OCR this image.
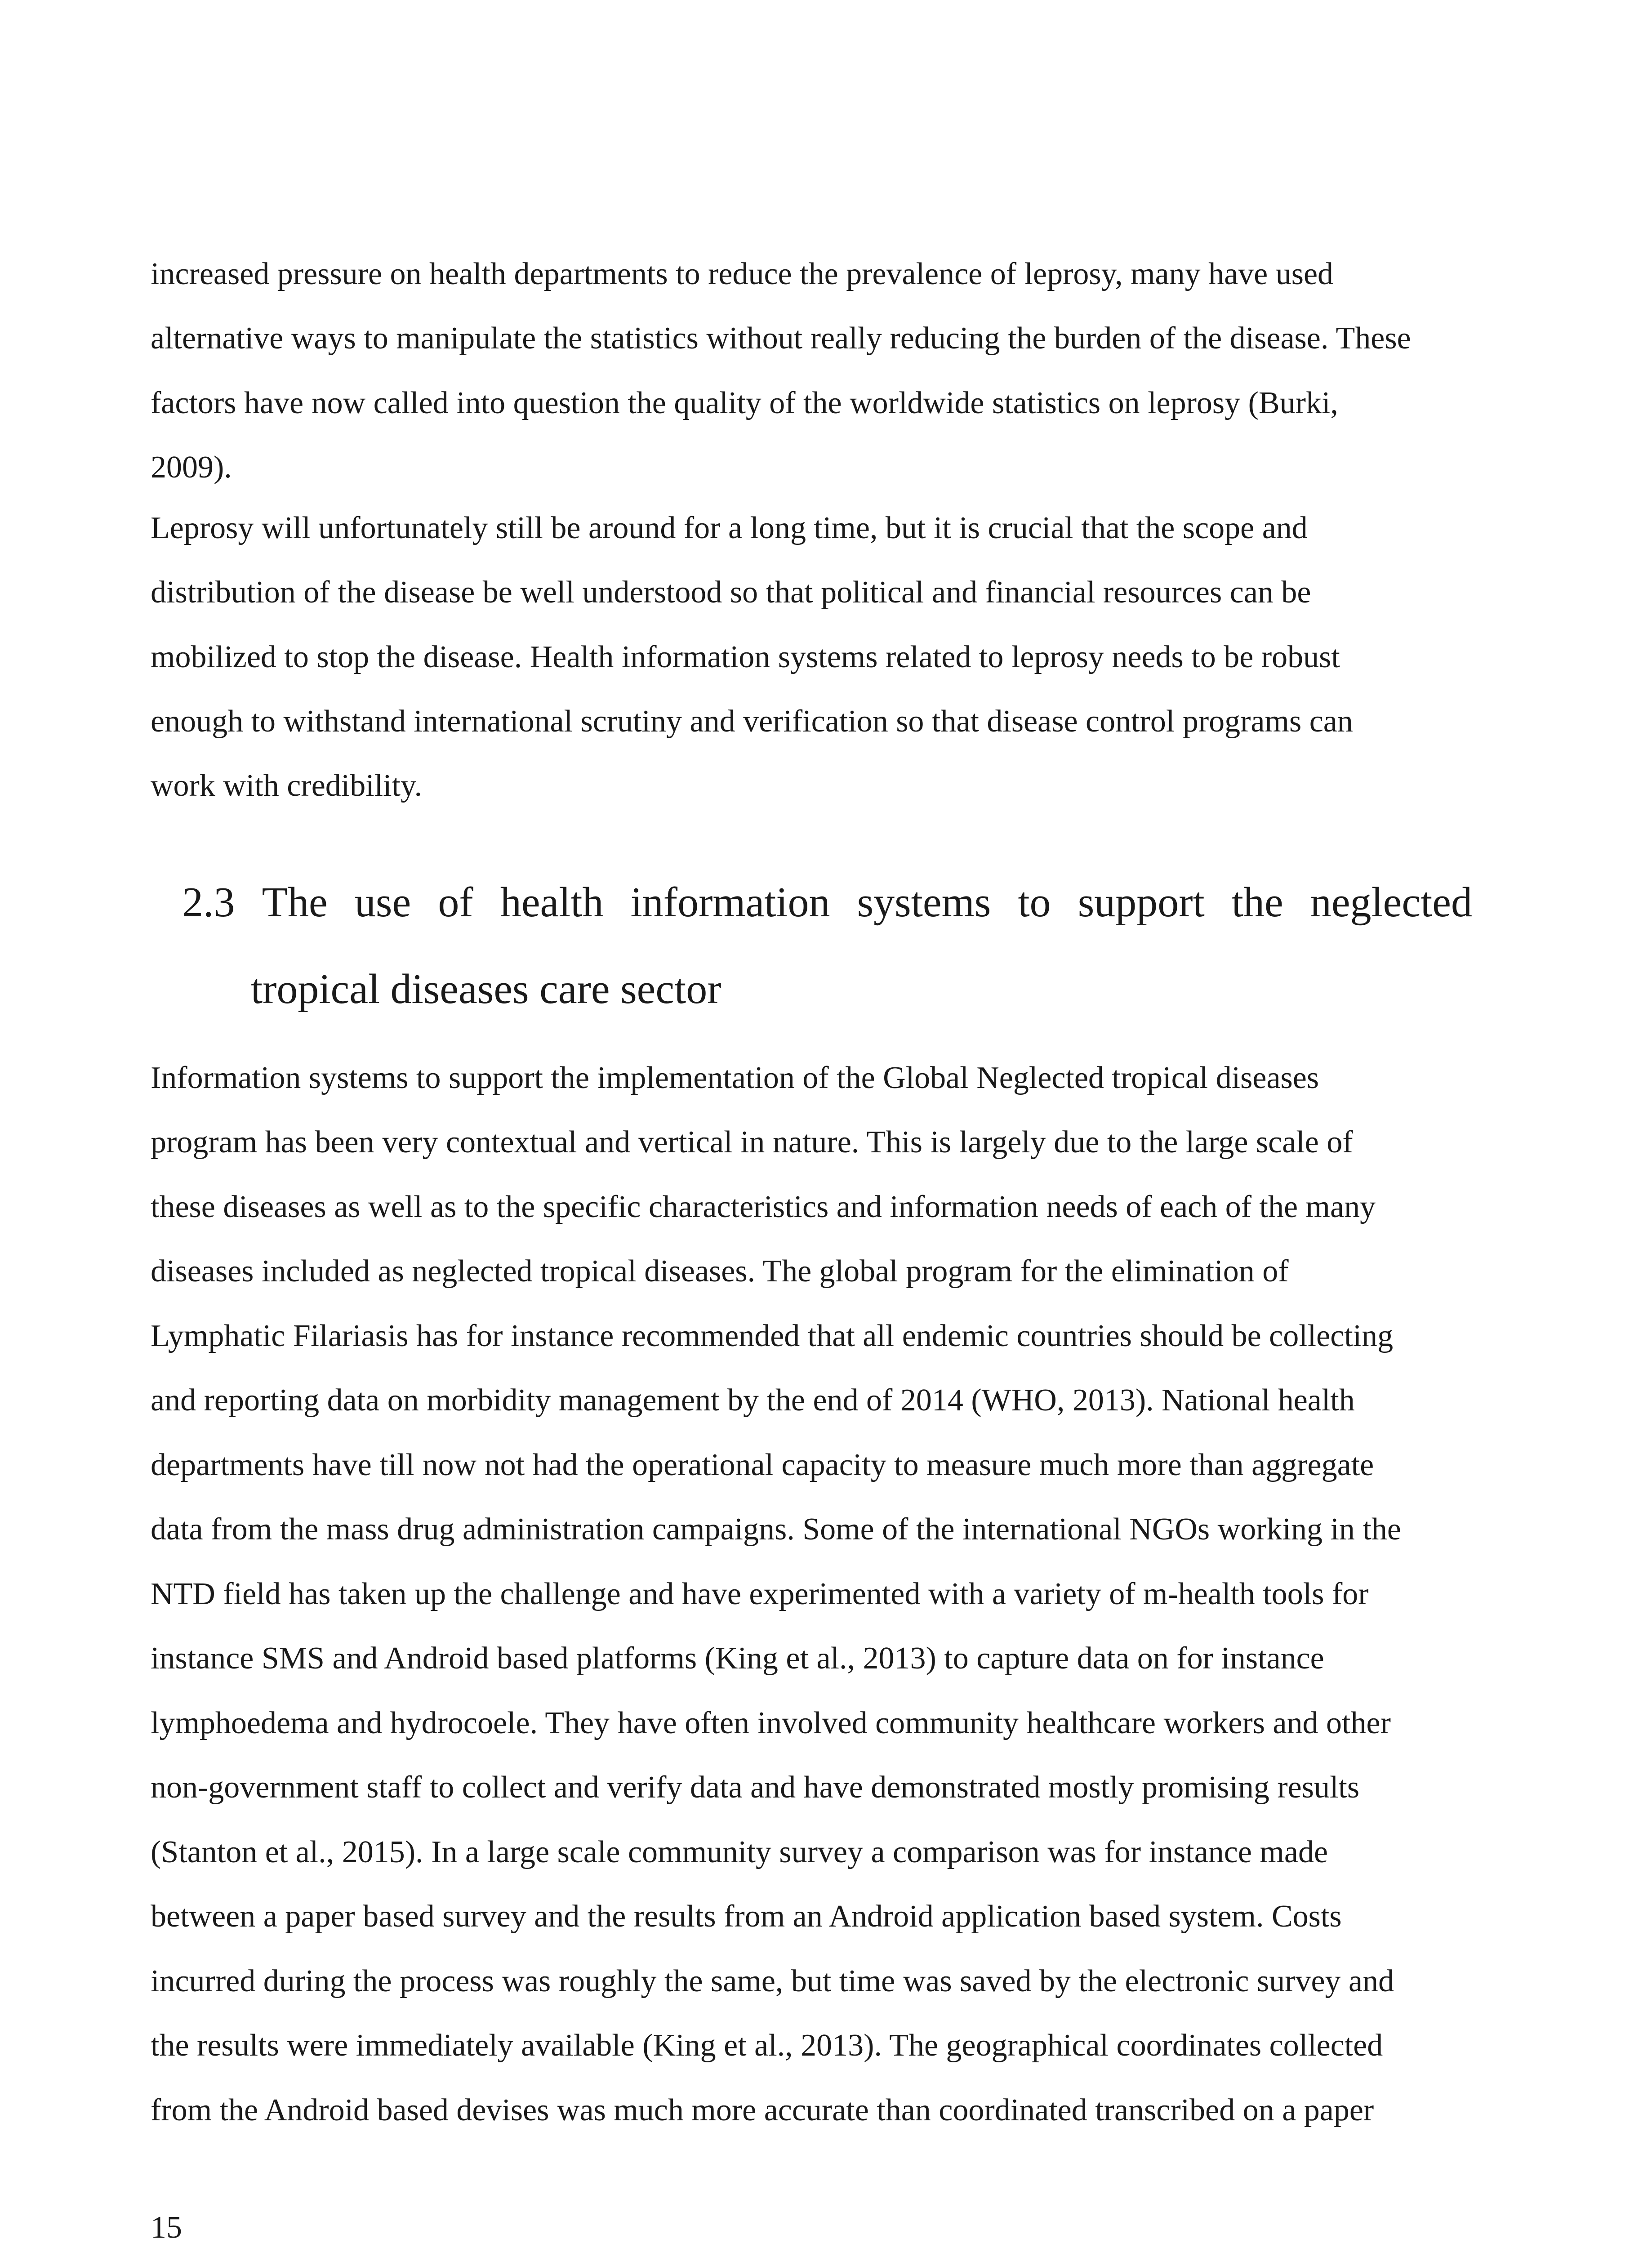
increased pressure on health departments to reduce the prevalence of leprosy, many have used

alternative ways to manipulate the statistics without really reducing the burden of the disease. These

factors have now called into question the quality of the worldwide statistics on leprosy (Burki,

2009).

Leprosy will unfortunately still be around for a long time, but it is crucial that the scope and

distribution of the disease be well understood so that political and financial resources can be

mobilized to stop the disease. Health information systems related to leprosy needs to be robust

enough to withstand international scrutiny and verification so that disease control programs can

work with credibility.

2.3 The use of health information systems to support the neglected

tropical diseases care sector

Information systems to support the implementation of the Global Neglected tropical diseases

program has been very contextual and vertical in nature. This is largely due to the large scale of

these diseases as well as to the specific characteristics and information needs of each of the many

diseases included as neglected tropical diseases. The global program for the elimination of

Lymphatic Filariasis has for instance recommended that all endemic countries should be collecting

and reporting data on morbidity management by the end of 2014 (WHO, 2013). National health

departments have till now not had the operational capacity to measure much more than aggregate

data from the mass drug administration campaigns. Some of the international NGOs working in the

NTD field has taken up the challenge and have experimented with a variety of m-health tools for

instance SMS and Android based platforms (King et al., 2013) to capture data on for instance

lymphoedema and hydrocoele. They have often involved community healthcare workers and other

non-government staff to collect and verify data and have demonstrated mostly promising results

(Stanton et al., 2015). In a large scale community survey a comparison was for instance made

between a paper based survey and the results from an Android application based system. Costs

incurred during the process was roughly the same, but time was saved by the electronic survey and

the results were immediately available (King et al., 2013). The geographical coordinates collected

from the Android based devises was much more accurate than coordinated transcribed on a paper

15
